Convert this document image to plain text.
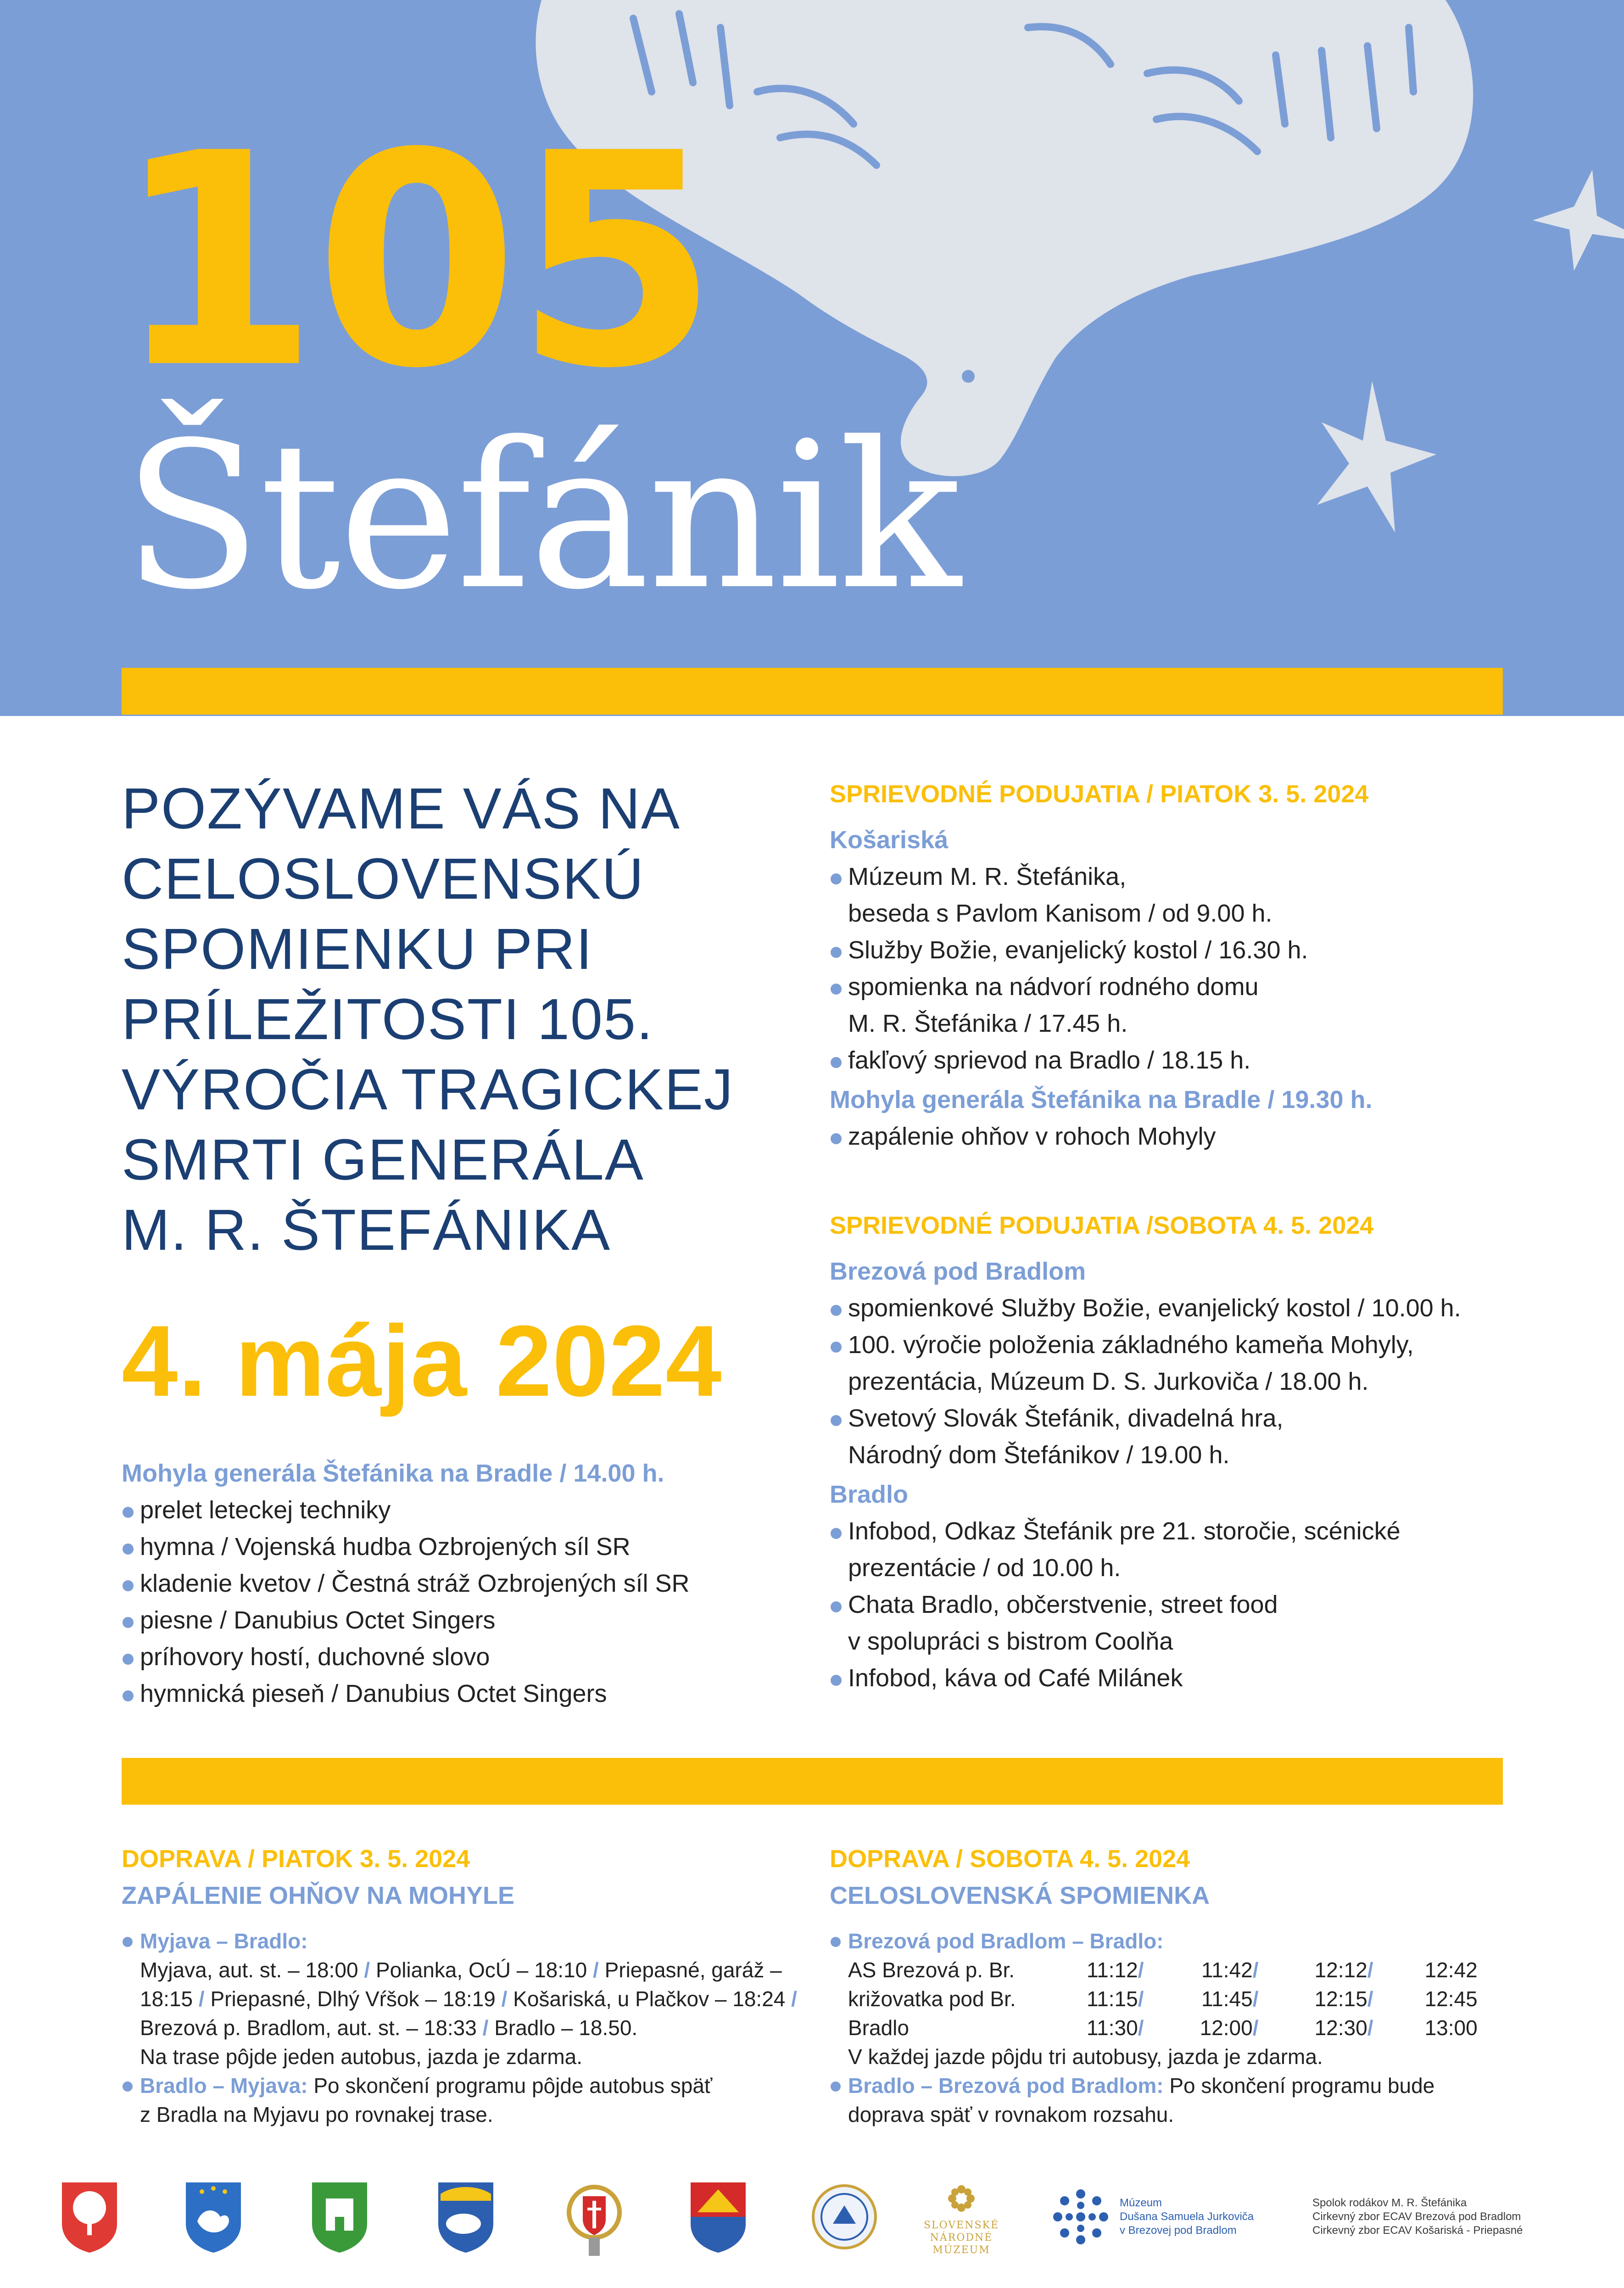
105
Štefánik
POZÝVAME VÁS NA
CELOSLOVENSKÚ
SPOMIENKU PRI
PRÍLEŽITOSTI 105.
VÝROČIA TRAGICKEJ
SMRTI GENERÁLA
M. R. ŠTEFÁNIKA
4. mája 2024
Mohyla generála Štefánika na Bradle / 14.00 h.
prelet leteckej techniky
hymna / Vojenská hudba Ozbrojených síl SR
kladenie kvetov / Čestná stráž Ozbrojených síl SR
piesne / Danubius Octet Singers
príhovory hostí, duchovné slovo
hymnická pieseň / Danubius Octet Singers
SPRIEVODNÉ PODUJATIA / PIATOK 3. 5. 2024
Košariská
Múzeum M. R. Štefánika,
beseda s Pavlom Kanisom / od 9.00 h.
Služby Božie, evanjelický kostol / 16.30 h.
spomienka na nádvorí rodného domu
M. R. Štefánika / 17.45 h.
fakľový sprievod na Bradlo / 18.15 h.
Mohyla generála Štefánika na Bradle / 19.30 h.
zapálenie ohňov v rohoch Mohyly
SPRIEVODNÉ PODUJATIA /SOBOTA 4. 5. 2024
Brezová pod Bradlom
spomienkové Služby Božie, evanjelický kostol / 10.00 h.
100. výročie položenia základného kameňa Mohyly,
prezentácia, Múzeum D. S. Jurkoviča / 18.00 h.
Svetový Slovák Štefánik, divadelná hra,
Národný dom Štefánikov / 19.00 h.
Bradlo
Infobod, Odkaz Štefánik pre 21. storočie, scénické
prezentácie / od 10.00 h.
Chata Bradlo, občerstvenie, street food
v spolupráci s bistrom Coolňa
Infobod, káva od Café Milánek
DOPRAVA / PIATOK 3. 5. 2024
ZAPÁLENIE OHŇOV NA MOHYLE
Myjava – Bradlo:
Myjava, aut. st. – 18:00 / Polianka, OcÚ – 18:10 / Priepasné, garáž – 18:15 / Priepasné, Dlhý Vŕšok – 18:19 / Košariská, u Plačkov – 18:24 / Brezová p. Bradlom, aut. st. – 18:33 / Bradlo – 18.50.
Na trase pôjde jeden autobus, jazda je zdarma.
Bradlo – Myjava: Po skončení programu pôjde autobus späť
z Bradla na Myjavu po rovnakej trase.
DOPRAVA / SOBOTA 4. 5. 2024
CELOSLOVENSKÁ SPOMIENKA
Brezová pod Bradlom – Bradlo:
AS Brezová p. Br.	11:12	/	11:42	/	12:12	/	12:42
križovatka pod Br.	11:15	/	11:45	/	12:15	/	12:45
Bradlo	11:30	/	12:00	/	12:30	/	13:00
V každej jazde pôjdu tri autobusy, jazda je zdarma.
Bradlo – Brezová pod Bradlom: Po skončení programu bude
doprava späť v rovnakom rozsahu.
SLOVENSKÉ
NÁRODNÉ
MÚZEUM
Múzeum
Dušana Samuela Jurkoviča
v Brezovej pod Bradlom
Spolok rodákov M. R. Štefánika
Cirkevný zbor ECAV Brezová pod Bradlom
Cirkevný zbor ECAV Košariská - Priepasné
